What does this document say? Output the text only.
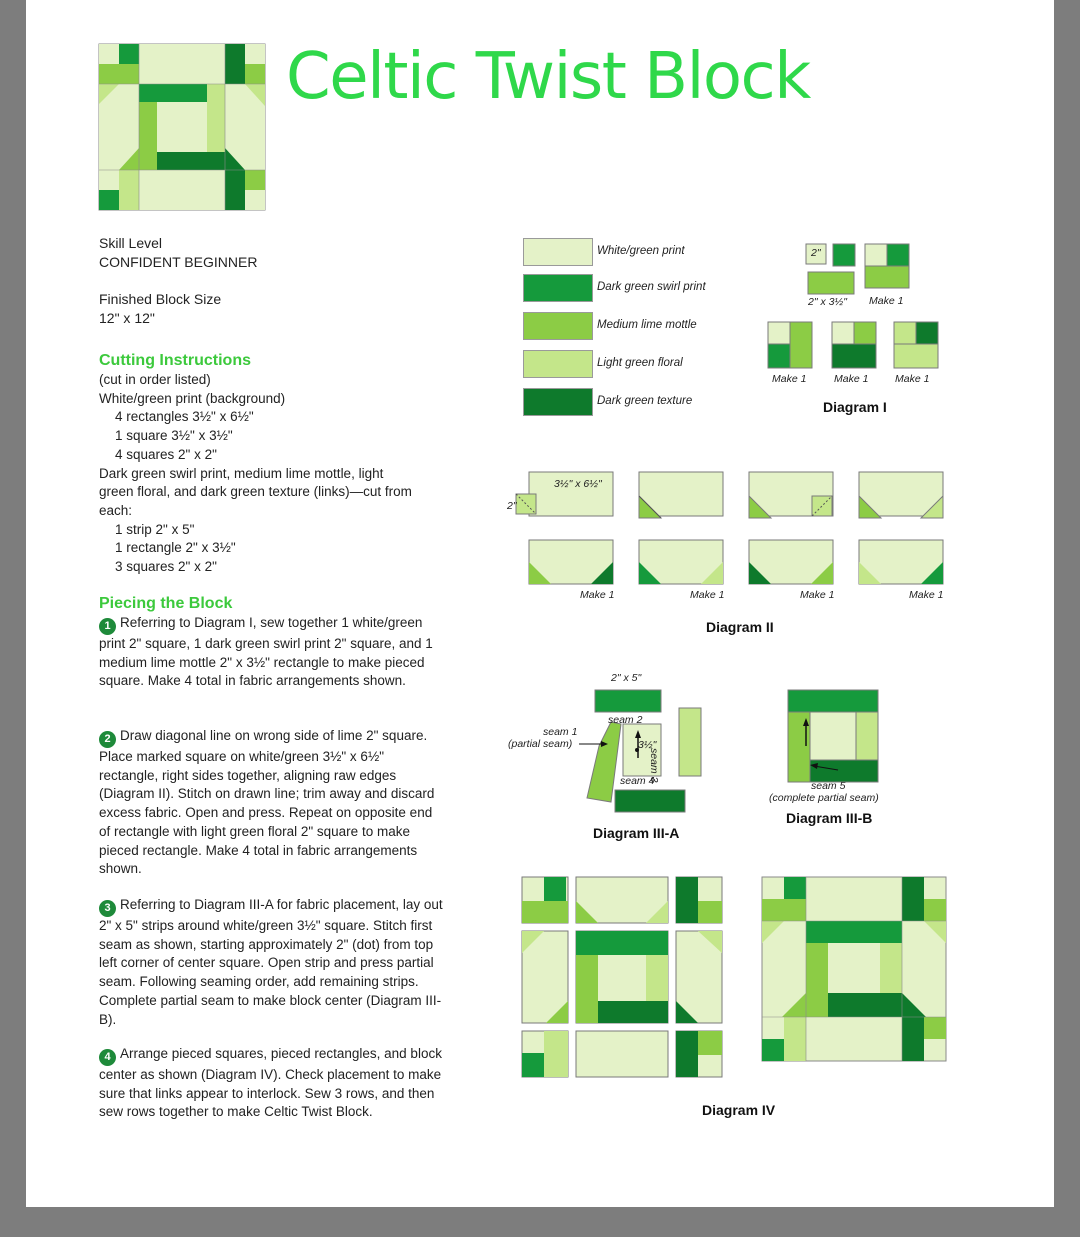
Celtic Twist Block
Skill Level
CONFIDENT BEGINNER
Finished Block Size
12" x 12"
Cutting Instructions
(cut in order listed)
White/green print (background)
4 rectangles 3½" x 6½"
1 square 3½" x 3½"
4 squares 2" x 2"
Dark green swirl print, medium lime mottle, light
green floral, and dark green texture (links)—cut from
each:
1 strip 2" x 5"
1 rectangle 2" x 3½"
3 squares 2" x 2"
Piecing the Block
1 Referring to Diagram I, sew together 1 white/green print 2" square, 1 dark green swirl print 2" square, and 1 medium lime mottle 2" x 3½" rectangle to make pieced square. Make 4 total in fabric arrangements shown.
2 Draw diagonal line on wrong side of lime 2" square. Place marked square on white/green 3½" x 6½" rectangle, right sides together, aligning raw edges (Diagram II). Stitch on drawn line; trim away and discard excess fabric. Open and press. Repeat on opposite end of rectangle with light green floral 2" square to make pieced rectangle. Make 4 total in fabric arrangements shown.
3 Referring to Diagram III-A for fabric placement, lay out 2" x 5" strips around white/green 3½" square. Stitch first seam as shown, starting approximately 2" (dot) from top left corner of center square. Open strip and press partial seam. Following seaming order, add remaining strips. Complete partial seam to make block center (Diagram III-B).
4 Arrange pieced squares, pieced rectangles, and block center as shown (Diagram IV). Check placement to make sure that links appear to interlock. Sew 3 rows, and then sew rows together to make Celtic Twist Block.
White/green print
Dark green swirl print
Medium lime mottle
Light green floral
Dark green texture
2"
2" x 3½" Make 1
Make 1	Make 1	Make 1
Diagram I
3½" x 6½"
2"
Make 1	Make 1	Make 1	Make 1
Diagram II
2" x 5"
seam 2
3½"
seam 4
seam 3
seam 1
(partial seam)
Diagram III-A
seam 5
(complete partial seam)
Diagram III-B
Diagram IV
